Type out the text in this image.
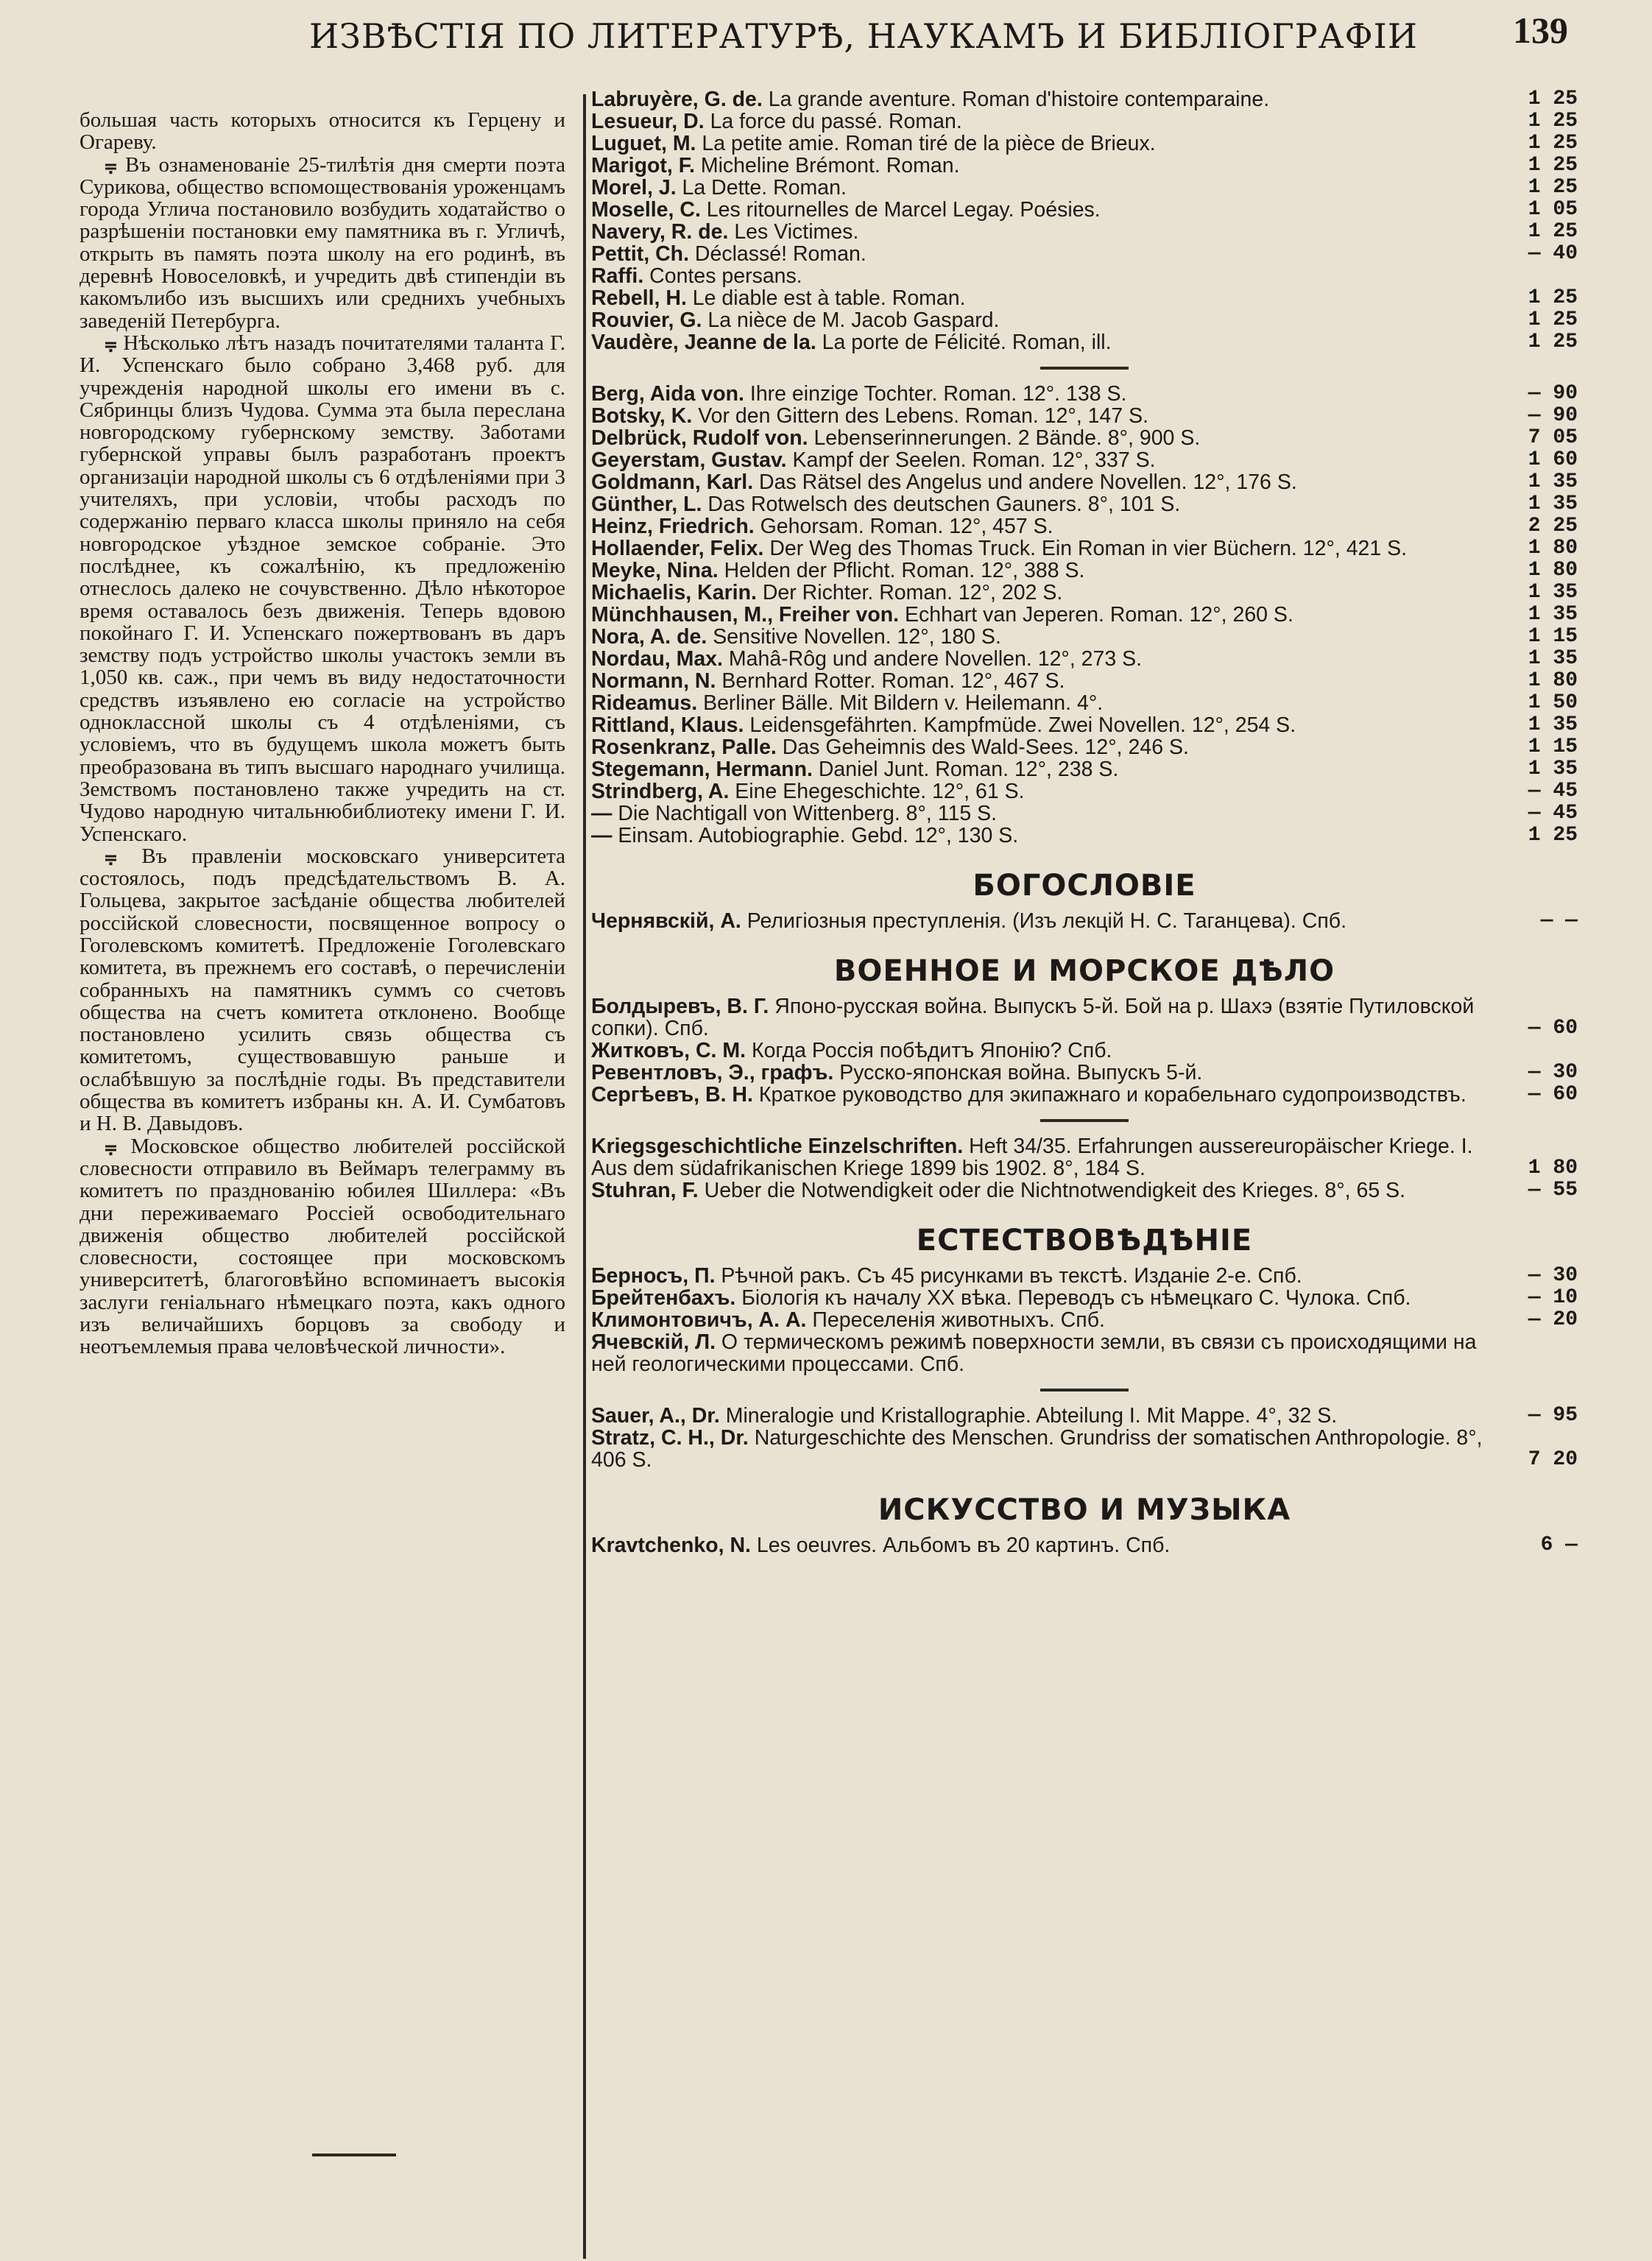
ИЗВѢСТІЯ ПО ЛИТЕРАТУРѢ, НАУКАМЪ И БИБЛІОГРАФІИ	139

большая часть которыхъ относится къ Герцену и Огареву.

⩦ Въ ознаменованіе 25-тилѣтія дня смерти поэта Сурикова, общество вспомоществованія уроженцамъ города Углича постановило возбудить ходатайство о разрѣшеніи постановки ему памятника въ г. Угличѣ, открыть въ память поэта школу на его родинѣ, въ деревнѣ Новоселовкѣ, и учредить двѣ стипендіи въ какомълибо изъ высшихъ или среднихъ учебныхъ заведеній Петербурга.

⩦ Нѣсколько лѣтъ назадъ почитателями таланта Г. И. Успенскаго было собрано 3,468 руб. для учрежденія народной школы его имени въ с. Сябринцы близъ Чудова. Сумма эта была переслана новгородскому губернскому земству. Заботами губернской управы былъ разработанъ проектъ организаціи народной школы съ 6 отдѣленіями при 3 учителяхъ, при условіи, чтобы расходъ по содержанію перваго класса школы приняло на себя новгородское уѣздное земское собраніе. Это послѣднее, къ сожалѣнію, къ предложенію отнеслось далеко не сочувственно. Дѣло нѣкоторое время оставалось безъ движенія. Теперь вдовою покойнаго Г. И. Успенскаго пожертвованъ въ даръ земству подъ устройство школы участокъ земли въ 1,050 кв. саж., при чемъ въ виду недостаточности средствъ изъявлено ею согласіе на устройство одноклассной школы съ 4 отдѣленіями, съ условіемъ, что въ будущемъ школа можетъ быть преобразована въ типъ высшаго народнаго училища. Земствомъ постановлено также учредить на ст. Чудово народную читальнюбиблиотеку имени Г. И. Успенскаго.

⩦ Въ правленіи московскаго университета состоялось, подъ предсѣдательствомъ В. А. Гольцева, закрытое засѣданіе общества любителей россійской словесности, посвященное вопросу о Гоголевскомъ комитетѣ. Предложеніе Гоголевскаго комитета, въ прежнемъ его составѣ, о перечисленіи собранныхъ на памятникъ суммъ со счетовъ общества на счетъ комитета отклонено. Вообще постановлено усилить связь общества съ комитетомъ, существовавшую раньше и ослабѣвшую за послѣдніе годы. Въ представители общества въ комитетъ избраны кн. А. И. Сумбатовъ и Н. В. Давыдовъ.

⩦ Московское общество любителей россійской словесности отправило въ Веймаръ телеграмму въ комитетъ по празднованію юбилея Шиллера: «Въ дни переживаемаго Россіей освободительнаго движенія общество любителей россійской словесности, состоящее при московскомъ университетѣ, благоговѣйно вспоминаетъ высокія заслуги геніальнаго нѣмецкаго поэта, какъ одного изъ величайшихъ борцовъ за свободу и неотъемлемыя права человѣческой личности».

Labruyère, G. de. La grande aventure. Roman d'histoire contemparaine.	1 25
Lesueur, D. La force du passé. Roman.	1 25
Luguet, M. La petite amie. Roman tiré de la pièce de Brieux.	1 25
Marigot, F. Micheline Brémont. Roman.	1 25
Morel, J. La Dette. Roman.	1 25
Moselle, C. Les ritournelles de Marcel Legay. Poésies.	1 05
Navery, R. de. Les Victimes.	1 25
Pettit, Ch. Déclassé! Roman.	— 40
Raffi. Contes persans.
Rebell, H. Le diable est à table. Roman.	1 25
Rouvier, G. La nièce de M. Jacob Gaspard.	1 25
Vaudère, Jeanne de la. La porte de Félicité. Roman, ill.	1 25
Berg, Aida von. Ihre einzige Tochter. Roman. 12°. 138 S.	— 90
Botsky, K. Vor den Gittern des Lebens. Roman. 12°, 147 S.	— 90
Delbrück, Rudolf von. Lebenserinnerungen. 2 Bände. 8°, 900 S.	7 05
Geyerstam, Gustav. Kampf der Seelen. Roman. 12°, 337 S.	1 60
Goldmann, Karl. Das Rätsel des Angelus und andere Novellen. 12°, 176 S.	1 35
Günther, L. Das Rotwelsch des deutschen Gauners. 8°, 101 S.	1 35
Heinz, Friedrich. Gehorsam. Roman. 12°, 457 S.	2 25
Hollaender, Felix. Der Weg des Thomas Truck. Ein Roman in vier Büchern. 12°, 421 S.	1 80
Meyke, Nina. Helden der Pflicht. Roman. 12°, 388 S.	1 80
Michaelis, Karin. Der Richter. Roman. 12°, 202 S.	1 35
Münchhausen, M., Freiher von. Echhart van Jeperen. Roman. 12°, 260 S.	1 35
Nora, A. de. Sensitive Novellen. 12°, 180 S.	1 15
Nordau, Max. Mahâ-Rôg und andere Novellen. 12°, 273 S.	1 35
Normann, N. Bernhard Rotter. Roman. 12°, 467 S.	1 80
Rideamus. Berliner Bälle. Mit Bildern v. Heilemann. 4°.	1 50
Rittland, Klaus. Leidensgefährten. Kampfmüde. Zwei Novellen. 12°, 254 S.	1 35
Rosenkranz, Palle. Das Geheimnis des Wald-Sees. 12°, 246 S.	1 15
Stegemann, Hermann. Daniel Junt. Roman. 12°, 238 S.	1 35
Strindberg, A. Eine Ehegeschichte. 12°, 61 S.	— 45
— Die Nachtigall von Wittenberg. 8°, 115 S.	— 45
— Einsam. Autobiographie. Gebd. 12°, 130 S.	1 25
БОГОСЛОВІЕ
Чернявскій, А. Религіозныя преступленія. (Изъ лекцій Н. С. Таганцева). Спб.	— —
ВОЕННОЕ И МОРСКОЕ ДѢЛО
Болдыревъ, В. Г. Японо-русская война. Выпускъ 5-й. Бой на р. Шахэ (взятіе Путиловской сопки). Спб.	— 60
Житковъ, С. М. Когда Россія побѣдитъ Японію? Спб.
Ревентловъ, Э., графъ. Русско-японская война. Выпускъ 5-й.	— 30
Сергѣевъ, В. Н. Краткое руководство для экипажнаго и корабельнаго судопроизводствъ.	— 60
Kriegsgeschichtliche Einzelschriften. Heft 34/35. Erfahrungen aussereuropäischer Kriege. I. Aus dem südafrikanischen Kriege 1899 bis 1902. 8°, 184 S.	1 80
Stuhran, F. Ueber die Notwendigkeit oder die Nichtnotwendigkeit des Krieges. 8°, 65 S.	— 55
ЕСТЕСТВОВѢДѢНІЕ
Берносъ, П. Рѣчной ракъ. Съ 45 рисунками въ текстѣ. Изданіе 2-е. Спб.	— 30
Брейтенбахъ. Біологія къ началу XX вѣка. Переводъ съ нѣмецкаго С. Чулока. Спб.	— 10
Климонтовичъ, А. А. Переселенія животныхъ. Спб.	— 20
Ячевскій, Л. О термическомъ режимѣ поверхности земли, въ связи съ происходящими на ней геологическими процессами. Спб.
Sauer, A., Dr. Mineralogie und Kristallographie. Abteilung I. Mit Mappe. 4°, 32 S.	— 95
Stratz, C. H., Dr. Naturgeschichte des Menschen. Grundriss der somatischen Anthropologie. 8°, 406 S.	7 20
ИСКУССТВО И МУЗЫКА
Kravtchenko, N. Les oeuvres. Альбомъ въ 20 картинъ. Спб.	6 —
